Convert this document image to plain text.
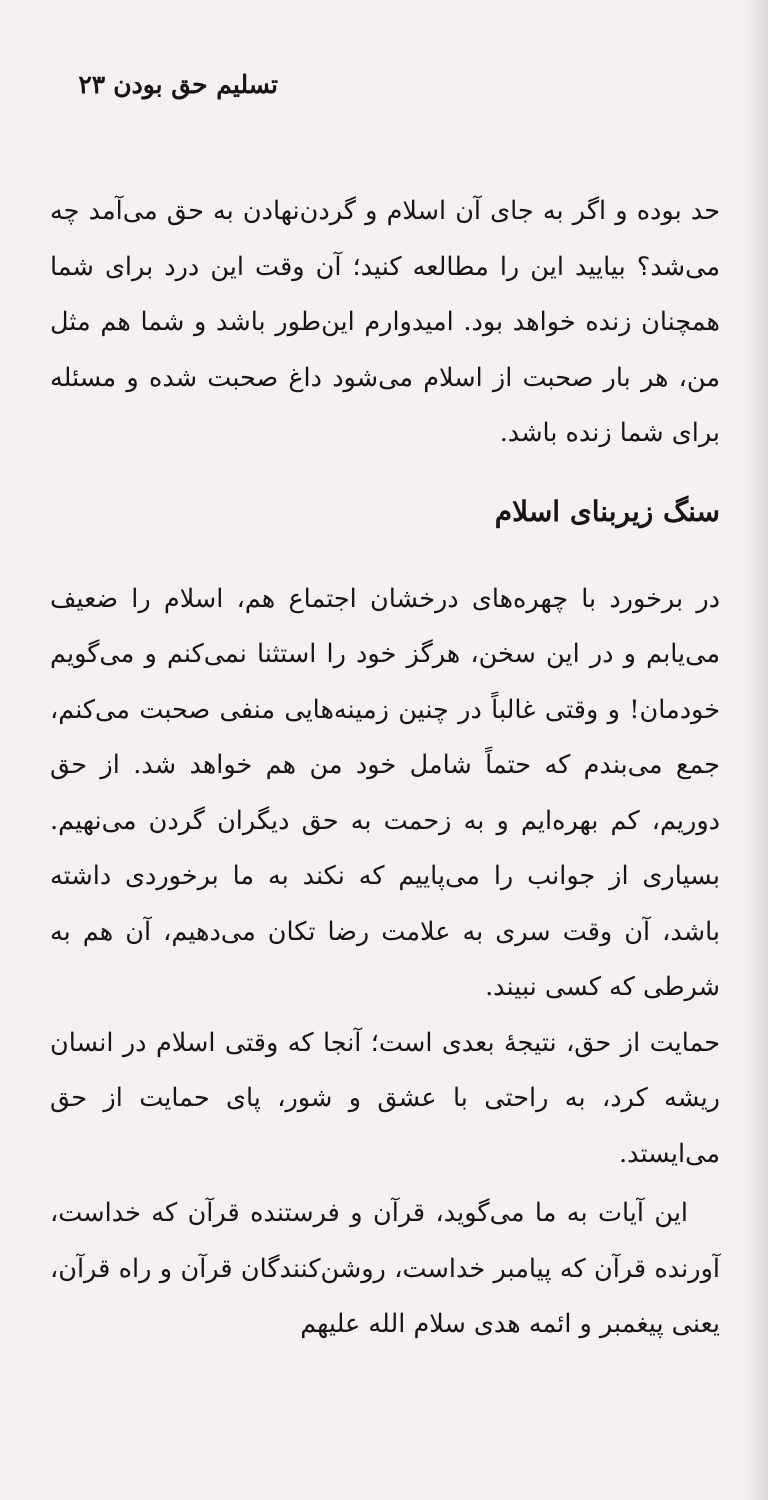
تسلیم حق بودن۲۳

حد بوده و اگر به جای آن اسلام و گردن‌نهادن به حق می‌آمد چه می‌شد؟ بیایید این را مطالعه کنید؛ آن وقت این درد برای شما همچنان زنده خواهد بود. امیدوارم این‌طور باشد و شما هم مثل من، هر بار صحبت از اسلام می‌شود داغ صحبت شده و مسئله برای شما زنده باشد.

سنگ زیربنای اسلام

در برخورد با چهره‌های درخشان اجتماع هم، اسلام را ضعیف می‌یابم و در این سخن، هرگز خود را استثنا نمی‌کنم و می‌گویم خودمان! و وقتی غالباً در چنین زمینه‌هایی منفی صحبت می‌کنم، جمع می‌بندم که حتماً شامل خود من هم خواهد شد. از حق دوریم، کم بهره‌ایم و به زحمت به حق دیگران گردن می‌نهیم. بسیاری از جوانب را می‌پاییم که نکند به ما برخوردی داشته باشد، آن وقت سری به علامت رضا تکان می‌دهیم، آن هم به شرطی که کسی نبیند.

حمایت از حق، نتیجهٔ بعدی است؛ آنجا که وقتی اسلام در انسان ریشه کرد، به راحتی با عشق و شور، پای حمایت از حق می‌ایستد.

این آیات به ما می‌گوید، قرآن و فرستنده قرآن که خداست، آورنده قرآن که پیامبر خداست، روشن‌کنندگان قرآن و راه قرآن، یعنی پیغمبر و ائمه هدی سلام الله علیهم
